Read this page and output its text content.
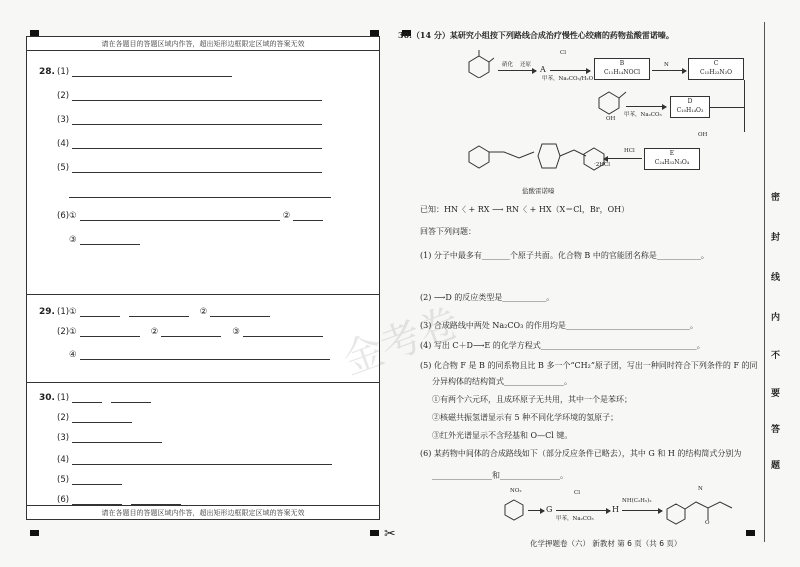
请在各题目的答题区域内作答，超出矩形边框限定区域的答案无效
28. (1)
(2)
(3)
(4)
(5)
(6)①	②
③
29. (1)①	②
(2)①	②	③
④
30. (1)
(2)
(3)
(4)
(5)
(6)
请在各题目的答题区域内作答，超出矩形边框限定区域的答案无效
✂
30.（14 分）某研究小组按下列路线合成治疗慢性心绞痛的药物盐酸雷诺嗪。
硝化 还原 A
Cl
甲苯，Na₂CO₃/H₂O
B
C₁₁H₁₄NOCl
N	C
C₁₅H₂₃N₃O
OH
甲苯，Na₂CO₃
D
C₁₀H₁₄O₃
OH
E
C₂₄H₃₃N₃O₄
HCl
·2HCl
盐酸雷诺嗪
已知：HN〈 + RX ⟶ RN〈 + HX（X＝Cl，Br，OH）
回答下列问题：
(1) 分子中最多有_______个原子共面。化合物 B 中的官能团名称是___________。
(2) ⟶D 的反应类型是___________。
(3) 合成路线中两处 Na₂CO₃ 的作用均是_______________________________。
(4) 写出 C＋D⟶E 的化学方程式_______________________________________。
(5) 化合物 F 是 B 的同系物且比 B 多一个“CH₂”原子团，写出一种同时符合下列条件的 F 的同
分异构体的结构简式_______________。
①有两个六元环，且成环原子无共用，其中一个是苯环；
②核磁共振氢谱显示有 5 种不同化学环境的氢原子；
③红外光谱显示不含羟基和 O—Cl 键。
(6) 某药物中间体的合成路线如下（部分反应条件已略去），其中 G 和 H 的结构简式分别为
_______________和_______________。
NO₂
→ G
Cl
甲苯，Na₂CO₃
H
NH(C₂H₅)₂
N
O
金考卷
密
封
线
内
不
要
答
题
化学押题卷（六） 新教材 第 6 页（共 6 页）
